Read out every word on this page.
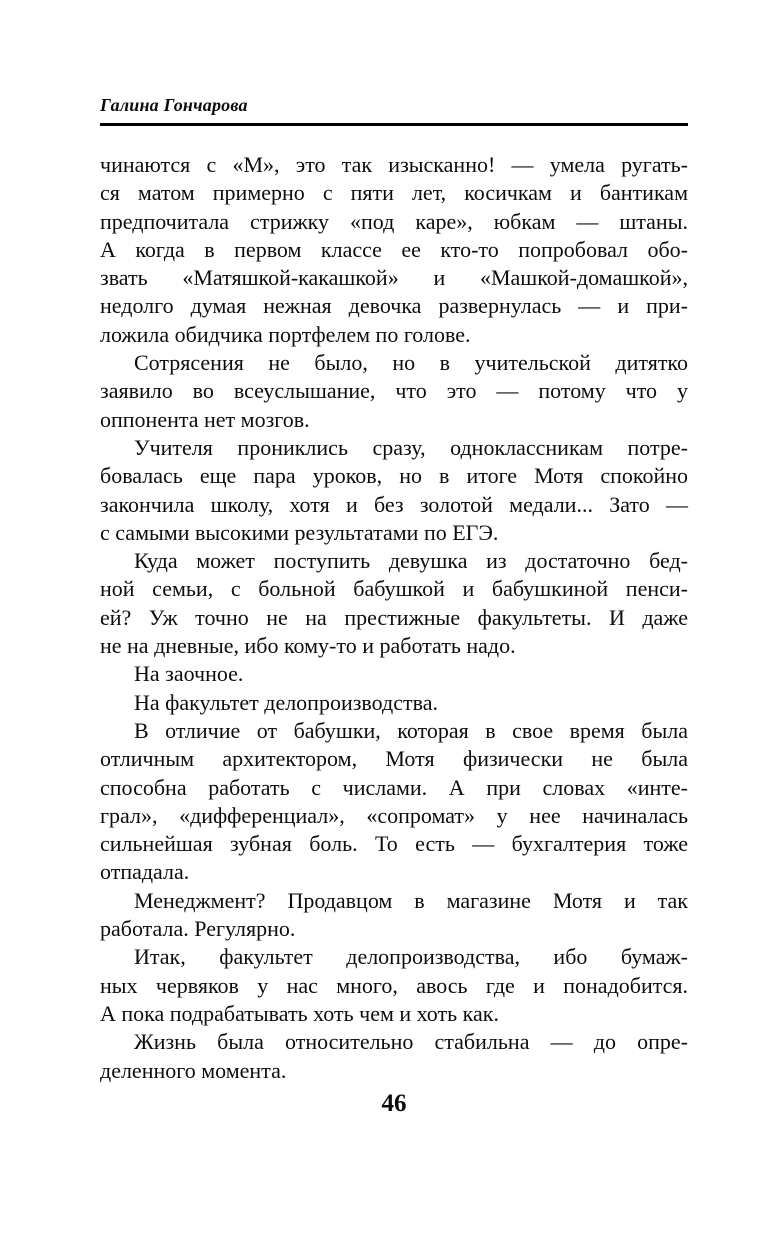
Галина Гончарова
чинаются с «М», это так изысканно! — умела ругать-
ся матом примерно с пяти лет, косичкам и бантикам
предпочитала стрижку «под каре», юбкам — штаны.
А когда в первом классе ее кто-то попробовал обо-
звать «Матяшкой-какашкой» и «Машкой-домашкой»,
недолго думая нежная девочка развернулась — и при-
ложила обидчика портфелем по голове.
Сотрясения не было, но в учительской дитятко
заявило во всеуслышание, что это — потому что у
оппонента нет мозгов.
Учителя прониклись сразу, одноклассникам потре-
бовалась еще пара уроков, но в итоге Мотя спокойно
закончила школу, хотя и без золотой медали... Зато —
с самыми высокими результатами по ЕГЭ.
Куда может поступить девушка из достаточно бед-
ной семьи, с больной бабушкой и бабушкиной пенси-
ей? Уж точно не на престижные факультеты. И даже
не на дневные, ибо кому-то и работать надо.
На заочное.
На факультет делопроизводства.
В отличие от бабушки, которая в свое время была
отличным архитектором, Мотя физически не была
способна работать с числами. А при словах «инте-
грал», «дифференциал», «сопромат» у нее начиналась
сильнейшая зубная боль. То есть — бухгалтерия тоже
отпадала.
Менеджмент? Продавцом в магазине Мотя и так
работала. Регулярно.
Итак, факультет делопроизводства, ибо бумаж-
ных червяков у нас много, авось где и понадобится.
А пока подрабатывать хоть чем и хоть как.
Жизнь была относительно стабильна — до опре-
деленного момента.
46
